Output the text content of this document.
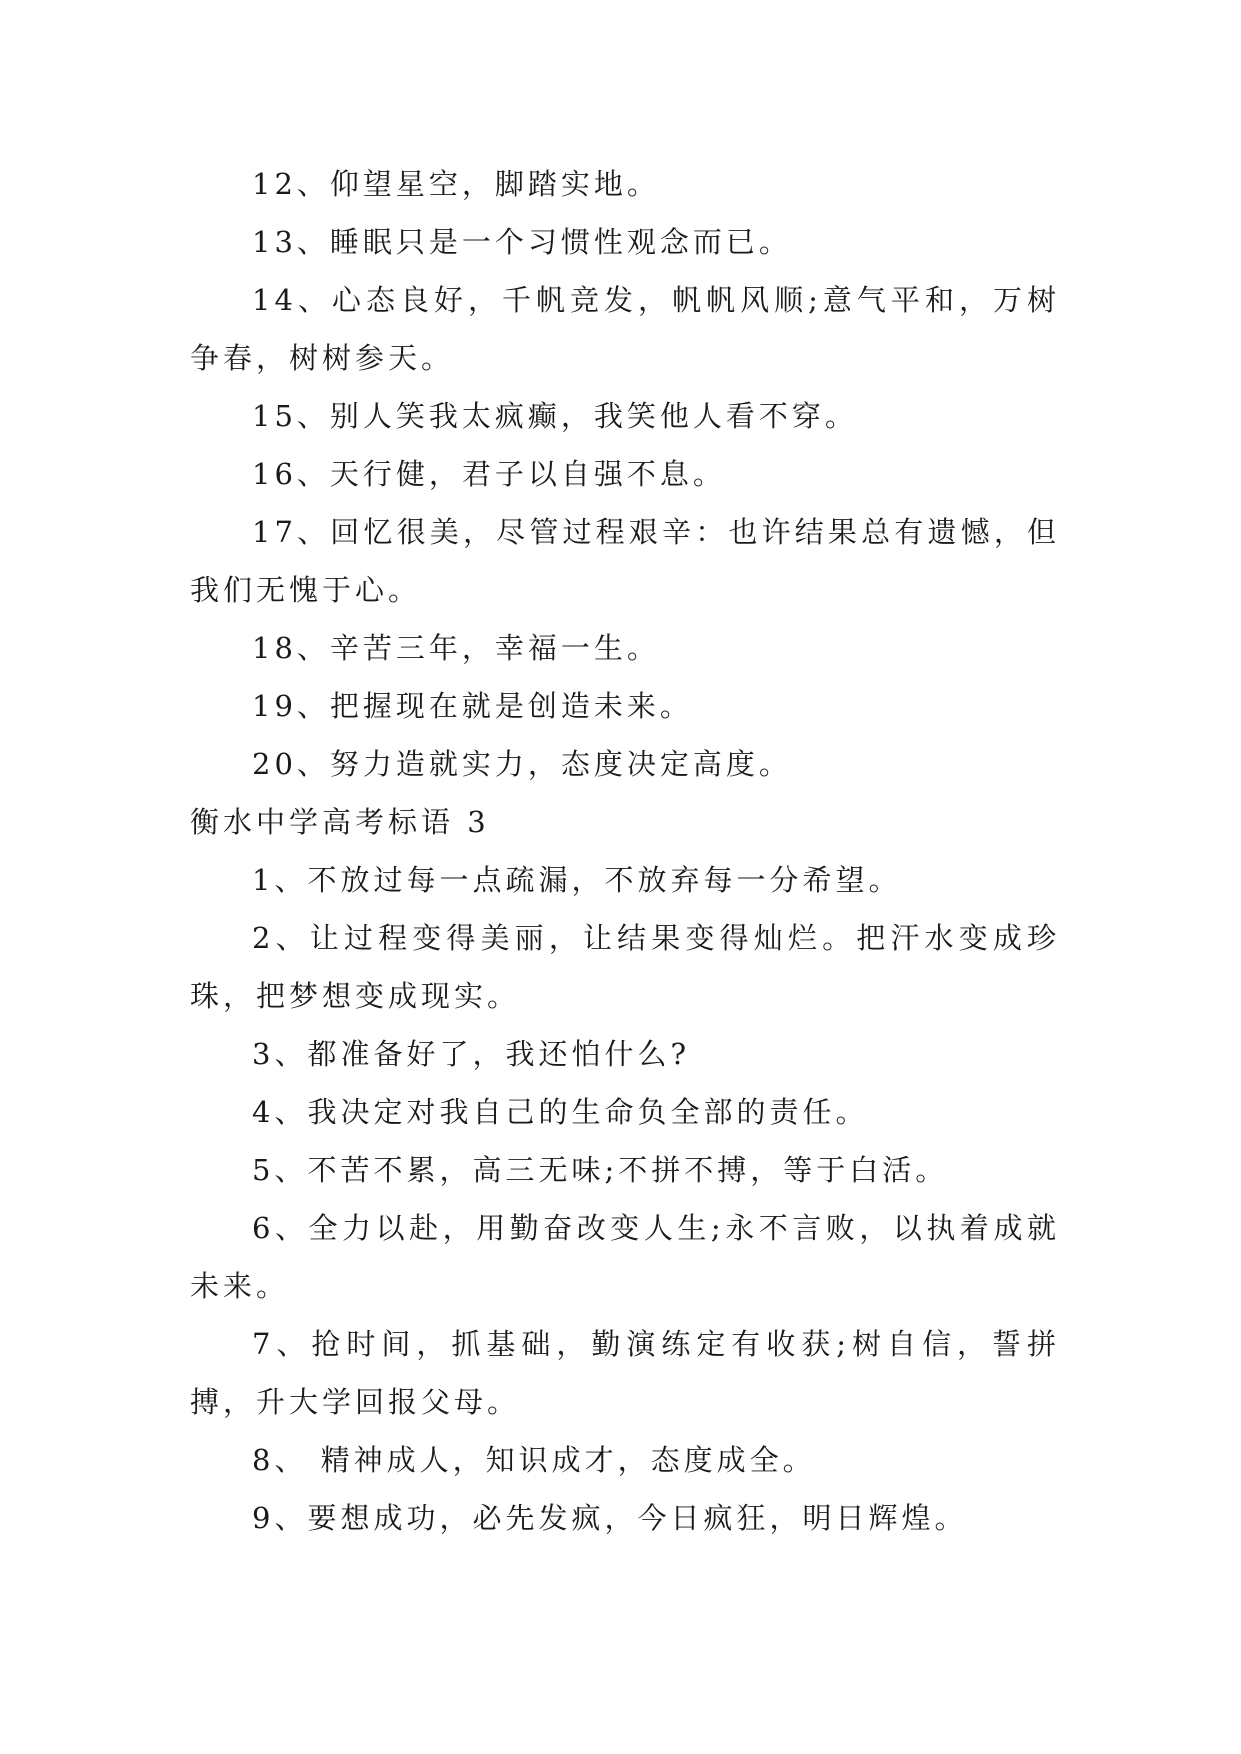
12、仰望星空，脚踏实地。

13、睡眠只是一个习惯性观念而已。

14、心态良好，千帆竞发，帆帆风顺;意气平和，万树争春，树树参天。

15、别人笑我太疯癫，我笑他人看不穿。

16、天行健，君子以自强不息。

17、回忆很美，尽管过程艰辛：也许结果总有遗憾，但我们无愧于心。

18、辛苦三年，幸福一生。

19、把握现在就是创造未来。

20、努力造就实力，态度决定高度。

衡水中学高考标语 3

1、不放过每一点疏漏，不放弃每一分希望。

2、让过程变得美丽，让结果变得灿烂。把汗水变成珍珠，把梦想变成现实。

3、都准备好了，我还怕什么?

4、我决定对我自己的生命负全部的责任。

5、不苦不累，高三无味;不拼不搏，等于白活。

6、全力以赴，用勤奋改变人生;永不言败，以执着成就未来。

7、抢时间，抓基础，勤演练定有收获;树自信，誓拼搏，升大学回报父母。

8、 精神成人，知识成才，态度成全。

9、要想成功，必先发疯，今日疯狂，明日辉煌。
